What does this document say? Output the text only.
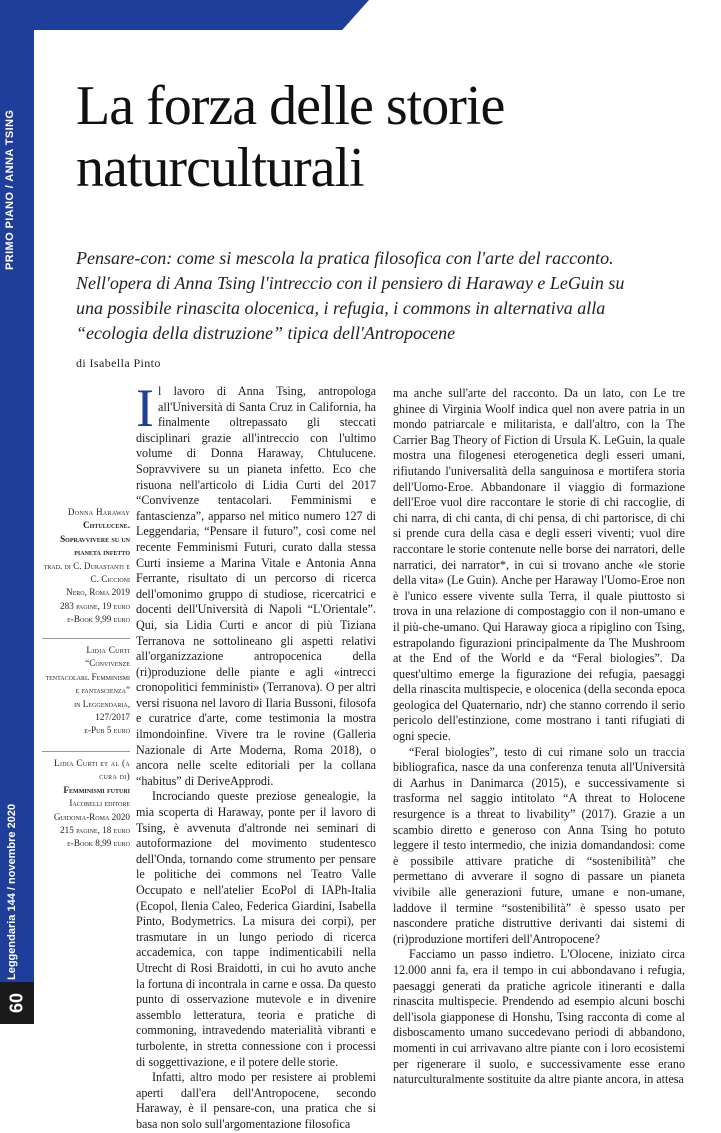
PRIMO PIANO / ANNA TSING
Leggendaria 144 / novembre 2020
60
La forza delle storie
naturculturali
Pensare-con: come si mescola la pratica filosofica con l'arte del racconto. Nell'opera di Anna Tsing l'intreccio con il pensiero di Haraway e LeGuin su una possibile rinascita olocenica, i refugia, i commons in alternativa alla “ecologia della distruzione” tipica dell'Antropocene
di Isabella Pinto
Donna Haraway
Chtulucene. Sopravvivere su un pianeta infetto
trad. di C. Durastanti e C. Ciccioni
Nero, Roma 2019
283 pagine, 19 euro
e-Book 9,99 euro
Lidia Curti
“Convivenze tentacolari. Femminismi e fantascienza”
in Leggendaria,
127/2017
e-Pub 5 euro
Lidia Curti et al (a cura di)
Femminismi futuri
Iacobelli editore
Guidonia-Roma 2020
215 pagine, 18 euro
e-Book 8,99 euro

Il lavoro di Anna Tsing, antropologa all'Università di Santa Cruz in California, ha finalmente oltrepassato gli steccati disciplinari grazie all'intreccio con l'ultimo volume di Donna Haraway, Chtulucene. Sopravvivere su un pianeta infetto. Eco che risuona nell'articolo di Lidia Curti del 2017 “Convivenze tentacolari. Femminismi e fantascienza”, apparso nel mitico numero 127 di Leggendaria, “Pensare il futuro”, così come nel recente Femminismi Futuri, curato dalla stessa Curti insieme a Marina Vitale e Antonia Anna Ferrante, risultato di un percorso di ricerca dell'omonimo gruppo di studiose, ricercatrici e docenti dell'Università di Napoli “L'Orientale”. Qui, sia Lidia Curti e ancor di più Tiziana Terranova ne sottolineano gli aspetti relativi all'organizzazione antropocenica della (ri)produzione delle piante e agli «intrecci cronopolitici femministi» (Terranova). O per altri versi risuona nel lavoro di Ilaria Bussoni, filosofa e curatrice d'arte, come testimonia la mostra ilmondoinfine. Vivere tra le rovine (Galleria Nazionale di Arte Moderna, Roma 2018), o ancora nelle scelte editoriali per la collana “habitus” di DeriveApprodi.

Incrociando queste preziose genealogie, la mia scoperta di Haraway, ponte per il lavoro di Tsing, è avvenuta d'altronde nei seminari di autoformazione del movimento studentesco dell'Onda, tornando come strumento per pensare le politiche dei commons nel Teatro Valle Occupato e nell'atelier EcoPol di IAPh-Italia (Ecopol, Ilenia Caleo, Federica Giardini, Isabella Pinto, Bodymetrics. La misura dei corpi), per trasmutare in un lungo periodo di ricerca accademica, con tappe indimenticabili nella Utrecht di Rosi Braidotti, in cui ho avuto anche la fortuna di incontrala in carne e ossa. Da questo punto di osservazione mutevole e in divenire assemblo letteratura, teoria e pratiche di commoning, intravedendo materialità vibranti e turbolente, in stretta connessione con i processi di soggettivazione, e il potere delle storie.

Infatti, altro modo per resistere ai problemi aperti dall'era dell'Antropocene, secondo Haraway, è il pensare-con, una pratica che si basa non solo sull'argomentazione filosofica

ma anche sull'arte del racconto. Da un lato, con Le tre ghinee di Virginia Woolf indica quel non avere patria in un mondo patriarcale e militarista, e dall'altro, con la The Carrier Bag Theory of Fiction di Ursula K. LeGuin, la quale mostra una filogenesi eterogenetica degli esseri umani, rifiutando l'universalità della sanguinosa e mortifera storia dell'Uomo-Eroe. Abbandonare il viaggio di formazione dell'Eroe vuol dire raccontare le storie di chi raccoglie, di chi narra, di chi canta, di chi pensa, di chi partorisce, di chi si prende cura della casa e degli esseri viventi; vuol dire raccontare le storie contenute nelle borse dei narratori, delle narratici, dei narrator*, in cui si trovano anche «le storie della vita» (Le Guin). Anche per Haraway l'Uomo-Eroe non è l'unico essere vivente sulla Terra, il quale piuttosto si trova in una relazione di compostaggio con il non-umano e il più-che-umano. Qui Haraway gioca a ripiglino con Tsing, estrapolando figurazioni principalmente da The Mushroom at the End of the World e da “Feral biologies”. Da quest'ultimo emerge la figurazione dei refugia, paesaggi della rinascita multispecie, e olocenica (della seconda epoca geologica del Quaternario, ndr) che stanno correndo il serio pericolo dell'estinzione, come mostrano i tanti rifugiati di ogni specie.

“Feral biologies”, testo di cui rimane solo un traccia bibliografica, nasce da una conferenza tenuta all'Università di Aarhus in Danimarca (2015), e successivamente si trasforma nel saggio intitolato “A threat to Holocene resurgence is a threat to livability” (2017). Grazie a un scambio diretto e generoso con Anna Tsing ho potuto leggere il testo intermedio, che inizia domandandosi: come è possibile attivare pratiche di “sostenibilità” che permettano di avverare il sogno di passare un pianeta vivibile alle generazioni future, umane e non-umane, laddove il termine “sostenibilità” è spesso usato per nascondere pratiche distruttive derivanti dai sistemi di (ri)produzione mortiferi dell'Antropocene?

Facciamo un passo indietro. L'Olocene, iniziato circa 12.000 anni fa, era il tempo in cui abbondavano i refugia, paesaggi generati da pratiche agricole itineranti e dalla rinascita multispecie. Prendendo ad esempio alcuni boschi dell'isola giapponese di Honshu, Tsing racconta di come al disboscamento umano succedevano periodi di abbandono, momenti in cui arrivavano altre piante con i loro ecosistemi per rigenerare il suolo, e successivamente esse erano naturculturalmente sostituite da altre piante ancora, in attesa
